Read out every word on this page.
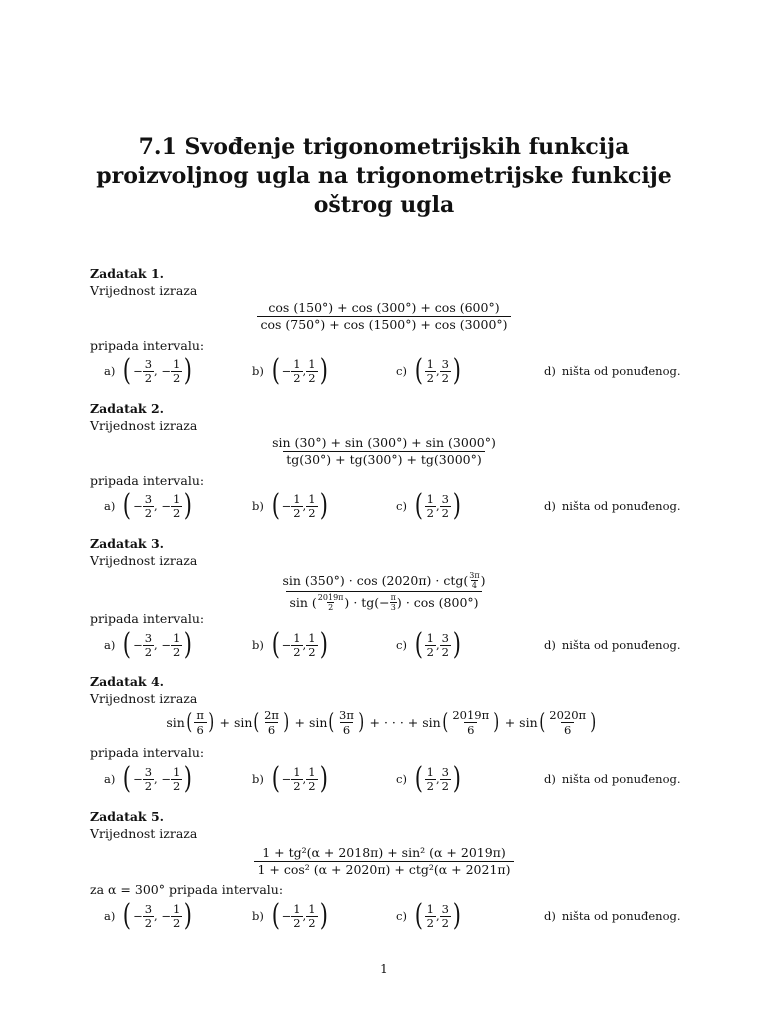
7.1 Svođenje trigonometrijskih funkcija proizvoljnog ugla na trigonometrijske funkcije oštrog ugla
Zadatak 1.
Vrijednost izraza
$\frac{\cos (150^\circ) + \cos (300^\circ) + \cos (600^\circ)}{\cos (750^\circ) + \cos (1500^\circ) + \cos (3000^\circ)}$
pripada intervalu:
a) ( − $\frac{3}{2}$ , − $\frac{1}{2}$ )	b) ( − $\frac{1}{2}$ , $\frac{1}{2}$ )	c) ( $\frac{1}{2}$ , $\frac{3}{2}$ )	d) ništa od ponuđenog.
Zadatak 2.
Vrijednost izraza
$\frac{\sin (30^\circ) + \sin (300^\circ) + \sin (3000^\circ)}{tg(30^\circ) + tg(300^\circ) + tg(3000^\circ)}$
pripada intervalu:
a) ( − $\frac{3}{2}$ , − $\frac{1}{2}$ )	b) ( − $\frac{1}{2}$ , $\frac{1}{2}$ )	c) ( $\frac{1}{2}$ , $\frac{3}{2}$ )	d) ništa od ponuđenog.
Zadatak 3.
Vrijednost izraza
sin (350°) · cos (2020π) · ctg ( $\frac{3\pi}{4}$ )
sin ( $\frac{2019\pi}{2}$ ) · tg (− $\frac{\pi}{3}$ ) · cos (800°)
pripada intervalu:
a) ( − $\frac{3}{2}$ , − $\frac{1}{2}$ )	b) ( − $\frac{1}{2}$ , $\frac{1}{2}$ )	c) ( $\frac{1}{2}$ , $\frac{3}{2}$ )	d) ništa od ponuđenog.
Zadatak 4.
Vrijednost izraza
sin ( $\frac{\pi}{6}$ ) + sin ( $\frac{2\pi}{6}$ ) + sin ( $\frac{3\pi}{6}$ ) + · · · + sin ( $\frac{2019\pi}{6}$ ) + sin ( $\frac{2020\pi}{6}$ )
pripada intervalu:
a) ( − $\frac{3}{2}$ , − $\frac{1}{2}$ )	b) ( − $\frac{1}{2}$ , $\frac{1}{2}$ )	c) ( $\frac{1}{2}$ , $\frac{3}{2}$ )	d) ništa od ponuđenog.
Zadatak 5.
Vrijednost izraza
$\frac{\text{1 + tg²(α + 2018π) + sin² (α + 2019π)}}{\text{1 + cos² (α + 2020π) + ctg²(α + 2021π)}}$
za α = 300° pripada intervalu:
a) ( − $\frac{3}{2}$ , − $\frac{1}{2}$ )	b) ( − $\frac{1}{2}$ , $\frac{1}{2}$ )	c) ( $\frac{1}{2}$ , $\frac{3}{2}$ )	d) ništa od ponuđenog.
1
